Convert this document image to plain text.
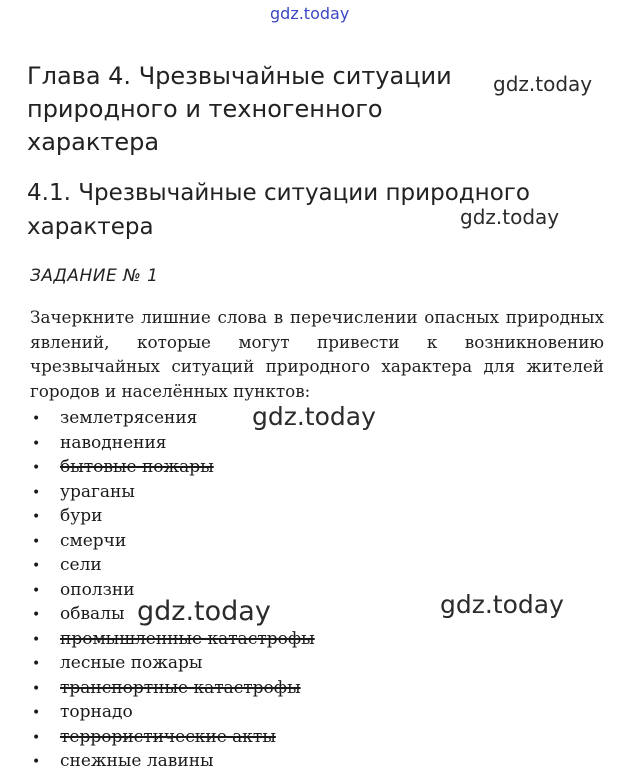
gdz.today
gdz.today
gdz.today
gdz.today
gdz.today	gdz.today
Глава 4. Чрезвычайные ситуации природного и техногенного характера
4.1. Чрезвычайные ситуации природного характера
ЗАДАНИЕ № 1

Зачеркните лишние слова в перечислении опасных природных явлений, которые могут привести к возникновению чрезвычайных ситуаций природного характера для жителей городов и населённых пунктов:

• землетрясения
• наводнения
• бытовые пожары
• ураганы
• бури
• смерчи
• сели
• оползни
• обвалы
• промышленные катастрофы
• лесные пожары
• транспортные катастрофы
• торнадо
• террористические акты
• снежные лавины
